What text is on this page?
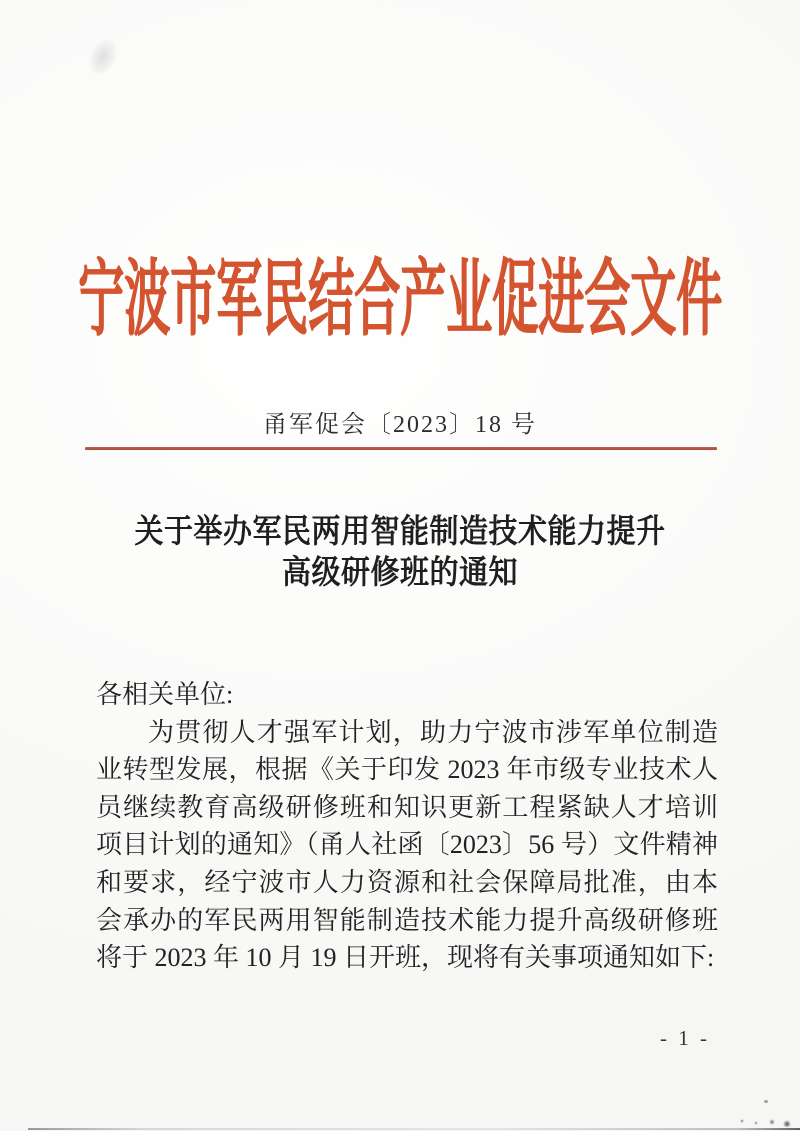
宁波市军民结合产业促进会文件
甬军促会〔2023〕18 号
关于举办军民两用智能制造技术能力提升
高级研修班的通知
各相关单位:
为贯彻人才强军计划，助力宁波市涉军单位制造业转型发展，根据《关于印发 2023 年市级专业技术人员继续教育高级研修班和知识更新工程紧缺人才培训项目计划的通知》（甬人社函〔2023〕56 号）文件精神和要求，经宁波市人力资源和社会保障局批准，由本会承办的军民两用智能制造技术能力提升高级研修班将于 2023 年 10 月 19 日开班，现将有关事项通知如下:
- 1 -
